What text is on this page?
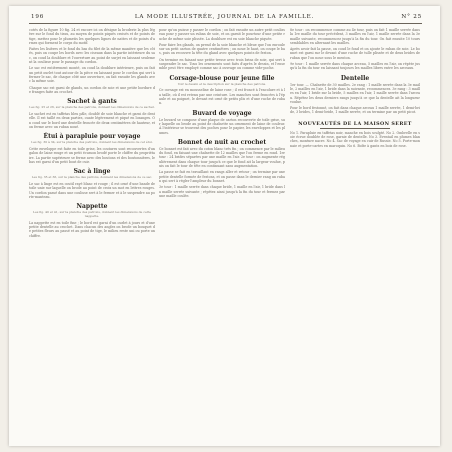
196	LA MODE ILLUSTRÉE, JOURNAL DE LA FAMILLE.	N° 25

cotés de la figure 10 fig. 24 et encore ici on désigne la broderie la plus légère sur le fond du tissu, au moyen de points piqués croisés et de points de tige, mettez pour le plumetis les quelques lignes de nattes et de points d'armes qui forment le corps du motif.

Faites les lisières et le fond du bas du filet de la même manière que les côtés, puis on coupe les bords avec les ciseaux dans la partie intérieure du sac, on coud la doublure et l'ouverture au point de surjet en laissant seulement la coulisse pour le passage du cordon.

Le sac est entièrement monté, on coud la doublure intérieure, puis on fait un petit ourlet tout autour de la pièce en laissant pour le cordon qui sert à fermer le sac, de chaque côté une ouverture, on fait ensuite les glands avec la même soie.

Chaque sac est garni de glands, un cordon de soie et une petite bordure de franges faite au crochet.

Sachet à gants

Les fig. 25 et 26, sur la planche des patrons, donnent les dimensions de ce sachet.

Le sachet est en taffetas bleu pâle, doublé de soie blanche et garni de dentelle. Il est taillé en deux parties, ouate légèrement et piqué en losanges. On coud sur le bord une dentelle froncée de deux centimètres de hauteur, et on ferme avec un ruban noué.

Étui à parapluie pour voyage

Les fig. 30 à 34, sur la planche des patrons, donnent les dimensions de cet étui.

Cette enveloppe est faite en toile grise, les coutures sont recouvertes d'un galon de laine rouge et un petit écusson brodé porte le chiffre du propriétaire. La partie supérieure se ferme avec des boutons et des boutonnières, le bas est garni d'un petit bout de cuir.

Sac à linge

Les fig. 35 et 36, sur la planche des patrons, donnent les dimensions de ce sac.

Le sac à linge est en coutil rayé blanc et rouge ; il est orné d'une bande de toile unie sur laquelle on brode au point de croix un mot en lettres rouges. Un cordon passé dans une coulisse sert à le fermer et à le suspendre au porte-manteau.

Nappette

Les fig. 40 et 41, sur la planche des patrons, donnent les dimensions de cette nappette.

La nappette est en toile fine ; le bord est garni d'un ourlet à jours et d'une petite dentelle au crochet. Dans chacun des angles on brode un bouquet de petites fleurs au passé et au point de tige, le milieu reste uni ou porte un chiffre.

pour qu'on puisse y passer le cordon ; on fait ensuite un autre petit coulisseau pour y passer un ruban de soie, et on garnit le pourtour d'une petite ruche de même soie plissée. La doublure est en soie blanche piquée.

Pour faire les glands, on prend de la soie blanche et bleue que l'on enroule sur un petit carton de quatre centimètres ; on noue le haut, on coupe le bas, puis on recouvre la tête du gland avec quelques points de feston.

On termine en faisant une petite tresse avec trois brins de soie, qui sert à suspendre le sac. Tous les ornements sont faits d'après le dessin, et l'ensemble peut être employé comme sac à ouvrage ou comme vide-poche.

Corsage-blouse pour jeune fille

Voir le dessin et la description sur la planche des patrons.

Ce corsage est en mousseline de laine rose ; il est froncé à l'encolure et à la taille, où il est retenu par une ceinture. Les manches sont froncées à l'épaule et au poignet, le devant est orné de petits plis et d'une ruche de ruban.

Buvard de voyage

Le buvard se compose d'une plaque de carton recouverte de toile grise, sur laquelle on brode au point de chaînette un ornement de laine de couleur. À l'intérieur se trouvent des poches pour le papier, les enveloppes et les plumes.

Bonnet de nuit au crochet

Ce bonnet est fait avec du coton blanc très fin ; on commence par le milieu du fond, en faisant une chaînette de 12 mailles que l'on ferme en rond. 1er tour : 24 brides séparées par une maille en l'air. 2e tour : on augmente régulièrement dans chaque tour jusqu'à ce que le fond ait la largeur voulue, puis on fait le tour de tête en continuant sans augmentation.

La passe se fait en travaillant en rangs aller et retour ; on termine par une petite dentelle formée de festons, et on passe dans le dernier rang un ruban qui sert à régler l'ampleur du bonnet.

3e tour : 1 maille serrée dans chaque bride, 1 maille en l'air, 1 bride dans la maille serrée suivante ; répétez ainsi jusqu'à la fin du tour et fermez par une maille coulée.

8e tour : on recommence comme au 4e tour, puis on fait 1 maille serrée dans la 1re maille du tour précédent, 3 mailles en l'air, 1 maille serrée dans la 3e maille suivante, recommencez jusqu'à la fin du tour. On fait ensuite 10 tours semblables en alternant les mailles.

Après avoir fait la passe, on coud le fond et on ajoute le ruban de soie. Le bonnet est garni sur le devant d'une ruche de tulle plissée et de deux brides de ruban que l'on noue sous le menton.

9e tour : 1 maille serrée dans chaque arceau, 5 mailles en l'air, on répète jusqu'à la fin du tour en laissant toujours les mailles libres entre les arceaux.

Dentelle

1er tour. — Chaînette de 30 mailles. 2e rang : 1 maille serrée dans la 3e maille, 2 mailles en l'air, 1 bride dans la suivante, recommencez. 3e rang : 3 mailles en l'air, 1 bride sur la bride, 5 mailles en l'air, 1 maille serrée dans l'arceau. Répétez les deux derniers rangs jusqu'à ce que la dentelle ait la longueur voulue.

Pour le bord festonné, on fait dans chaque arceau 1 maille serrée, 1 demi-bride, 3 brides, 1 demi-bride, 1 maille serrée, et on termine par un petit picot.

NOUVEAUTÉS DE LA MAISON SERET

No 1. Parapluie en taffetas noir, manche en bois sculpté. No 2. Ombrelle en soie écrue doublée de rose, garnie de dentelle. No 3. Éventail en plumes blanches, monture nacre. No 4. Sac de voyage en cuir de Russie. No 5. Porte-monnaie et porte-cartes en maroquin. No 6. Boîte à gants en bois de rose.
